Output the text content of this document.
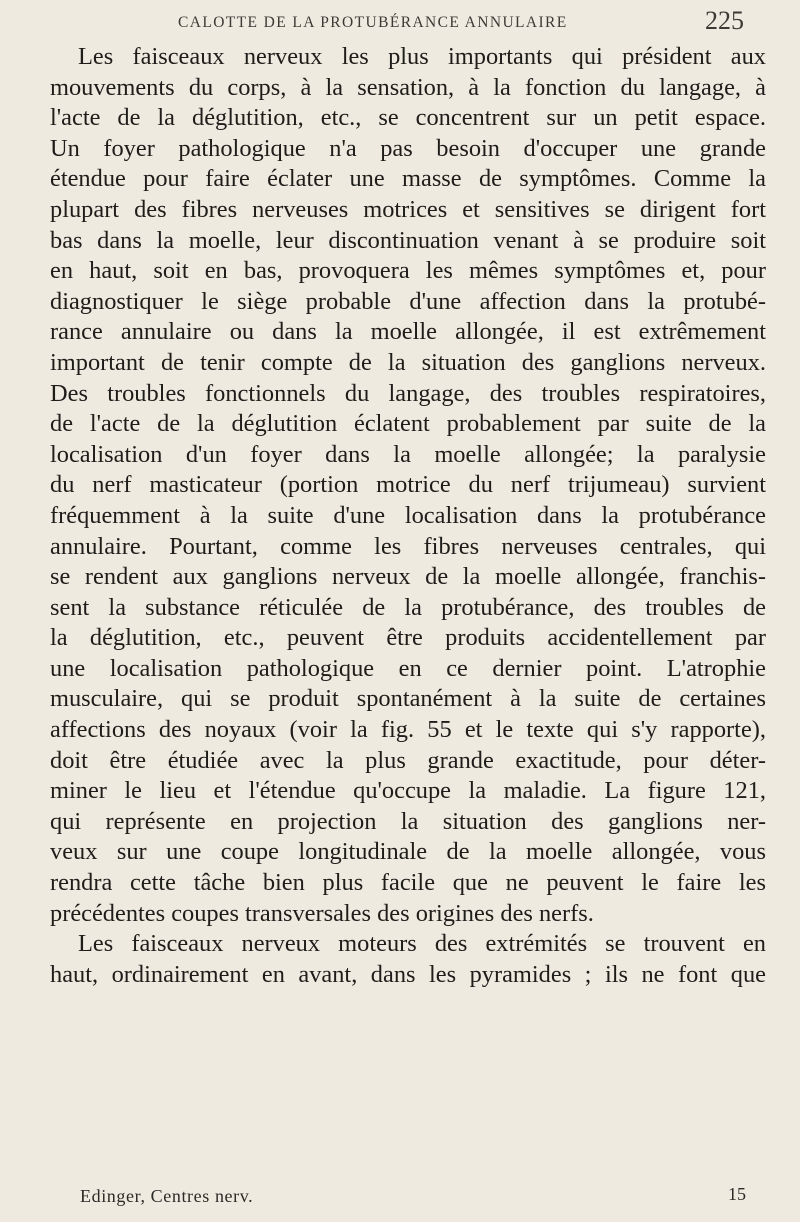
CALOTTE DE LA PROTUBÉRANCE ANNULAIRE	225
Les faisceaux nerveux les plus importants qui président aux
mouvements du corps, à la sensation, à la fonction du langage, à
l'acte de la déglutition, etc., se concentrent sur un petit espace.
Un foyer pathologique n'a pas besoin d'occuper une grande
étendue pour faire éclater une masse de symptômes. Comme la
plupart des fibres nerveuses motrices et sensitives se dirigent fort
bas dans la moelle, leur discontinuation venant à se produire soit
en haut, soit en bas, provoquera les mêmes symptômes et, pour
diagnostiquer le siège probable d'une affection dans la protubé-
rance annulaire ou dans la moelle allongée, il est extrêmement
important de tenir compte de la situation des ganglions nerveux.
Des troubles fonctionnels du langage, des troubles respiratoires,
de l'acte de la déglutition éclatent probablement par suite de la
localisation d'un foyer dans la moelle allongée; la paralysie
du nerf masticateur (portion motrice du nerf trijumeau) survient
fréquemment à la suite d'une localisation dans la protubérance
annulaire. Pourtant, comme les fibres nerveuses centrales, qui
se rendent aux ganglions nerveux de la moelle allongée, franchis-
sent la substance réticulée de la protubérance, des troubles de
la déglutition, etc., peuvent être produits accidentellement par
une localisation pathologique en ce dernier point. L'atrophie
musculaire, qui se produit spontanément à la suite de certaines
affections des noyaux (voir la fig. 55 et le texte qui s'y rapporte),
doit être étudiée avec la plus grande exactitude, pour déter-
miner le lieu et l'étendue qu'occupe la maladie. La figure 121,
qui représente en projection la situation des ganglions ner-
veux sur une coupe longitudinale de la moelle allongée, vous
rendra cette tâche bien plus facile que ne peuvent le faire les
précédentes coupes transversales des origines des nerfs.
Les faisceaux nerveux moteurs des extrémités se trouvent en
haut, ordinairement en avant, dans les pyramides ; ils ne font que
Edinger, Centres nerv.	15
